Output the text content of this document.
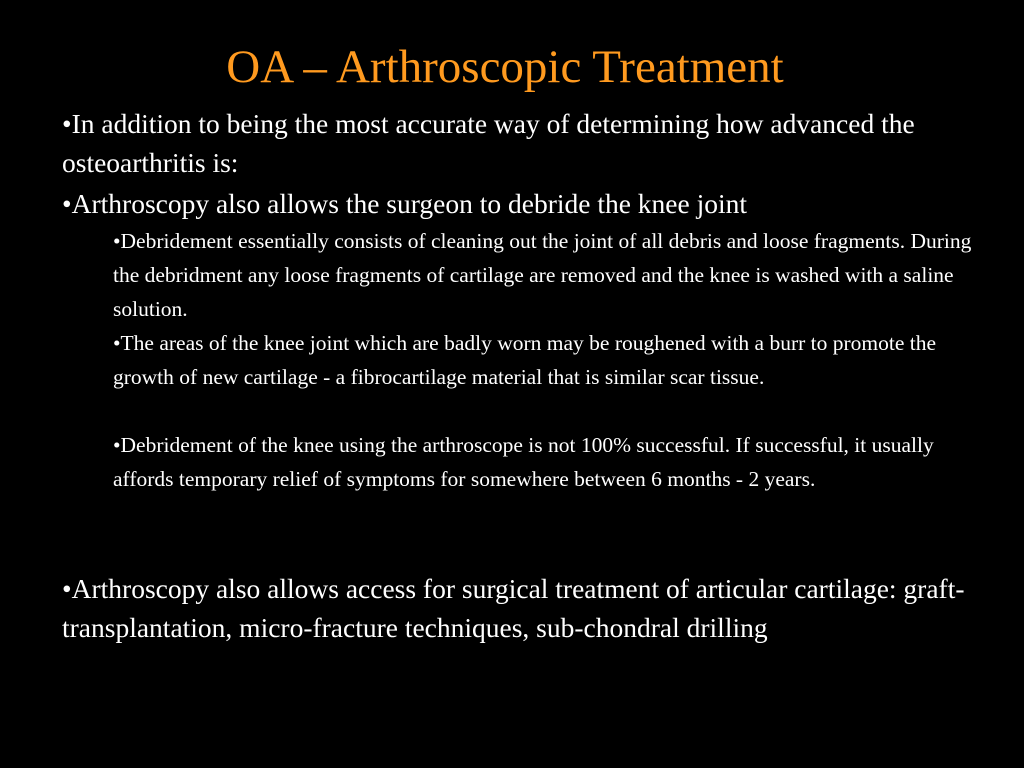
OA – Arthroscopic Treatment

•In addition to being the most accurate way of determining how advanced the osteoarthritis is:

•Arthroscopy also allows the surgeon to debride the knee joint

•Debridement essentially consists of cleaning out the joint of all debris and loose fragments. During the debridment any loose fragments of cartilage are removed and the knee is washed with a saline solution.

•The areas of the knee joint which are badly worn may be roughened with a burr to promote the growth of new cartilage - a fibrocartilage material that is similar scar tissue.

•Debridement of the knee using the arthroscope is not 100% successful. If successful, it usually affords temporary relief of symptoms for somewhere between 6 months - 2 years.

•Arthroscopy also allows access for surgical treatment of articular cartilage: graft-transplantation, micro-fracture techniques, sub-chondral drilling
